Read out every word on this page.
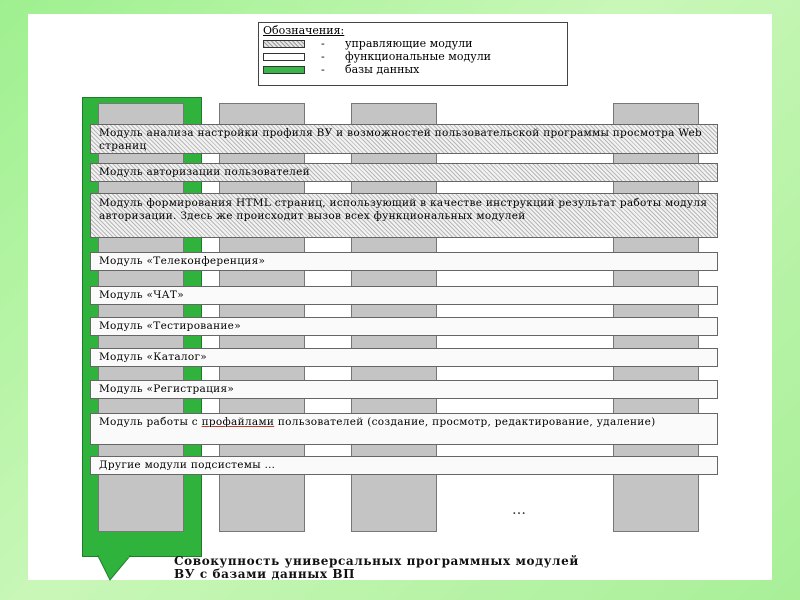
Обозначения:
- управляющие модули
- функциональные модули
- базы данных
…
Модуль анализа настройки профиля ВУ и возможностей пользовательской программы просмотра Web страниц
Модуль авторизации пользователей
Модуль формирования HTML страниц, использующий в качестве инструкций результат работы модуля авторизации. Здесь же происходит вызов всех функциональных модулей
Модуль «Телеконференция»
Модуль «ЧАТ»
Модуль «Тестирование»
Модуль «Каталог»
Модуль «Регистрация»
Модуль работы с профайлами пользователей (создание, просмотр, редактирование, удаление)
Другие модули подсистемы …
Совокупность универсальных программных модулей
ВУ с базами данных ВП
